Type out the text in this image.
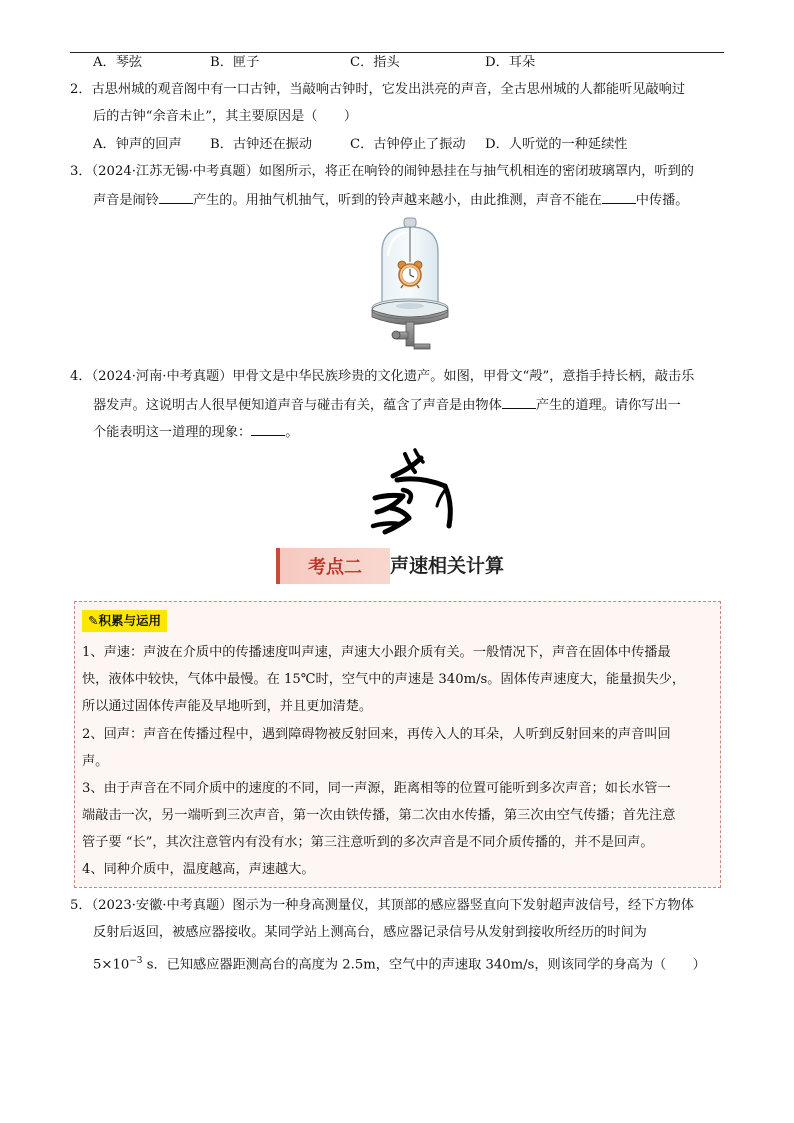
A．琴弦	B．匣子	C．指头	D．耳朵
2．古思州城的观音阁中有一口古钟，当敲响古钟时，它发出洪亮的声音，全古思州城的人都能听见敲响过
后的古钟“余音未止”，其主要原因是（　　）
A．钟声的回声 B．古钟还在振动	C．古钟停止了振动 D．人听觉的一种延续性
3．（2024·江苏无锡·中考真题）如图所示，将正在响铃的闹钟悬挂在与抽气机相连的密闭玻璃罩内，听到的
声音是闹铃	产生的。用抽气机抽气，听到的铃声越来越小，由此推测，声音不能在	中传播。
4．（2024·河南·中考真题）甲骨文是中华民族珍贵的文化遗产。如图，甲骨文“殸”，意指手持长柄，敲击乐
器发声。这说明古人很早便知道声音与碰击有关，蕴含了声音是由物体	产生的道理。请你写出一
个能表明这一道理的现象：	。
考点二	声速相关计算
✎积累与运用
1、声速：声波在介质中的传播速度叫声速，声速大小跟介质有关。一般情况下，声音在固体中传播最
快，液体中较快，气体中最慢。在 15℃时，空气中的声速是 340m/s。固体传声速度大，能量损失少，
所以通过固体传声能及早地听到，并且更加清楚。
2、回声：声音在传播过程中，遇到障碍物被反射回来，再传入人的耳朵，人听到反射回来的声音叫回
声。
3、由于声音在不同介质中的速度的不同，同一声源，距离相等的位置可能听到多次声音；如长水管一
端敲击一次，另一端听到三次声音，第一次由铁传播，第二次由水传播，第三次由空气传播；首先注意
管子要 “长”，其次注意管内有没有水；第三注意听到的多次声音是不同介质传播的，并不是回声。
4、同种介质中，温度越高，声速越大。
5．（2023·安徽·中考真题）图示为一种身高测量仪，其顶部的感应器竖直向下发射超声波信号，经下方物体
反射后返回，被感应器接收。某同学站上测高台，感应器记录信号从发射到接收所经历的时间为
$5\times 10^{-3}$ s．已知感应器距测高台的高度为 2.5m，空气中的声速取 340m/s，则该同学的身高为（　　）
